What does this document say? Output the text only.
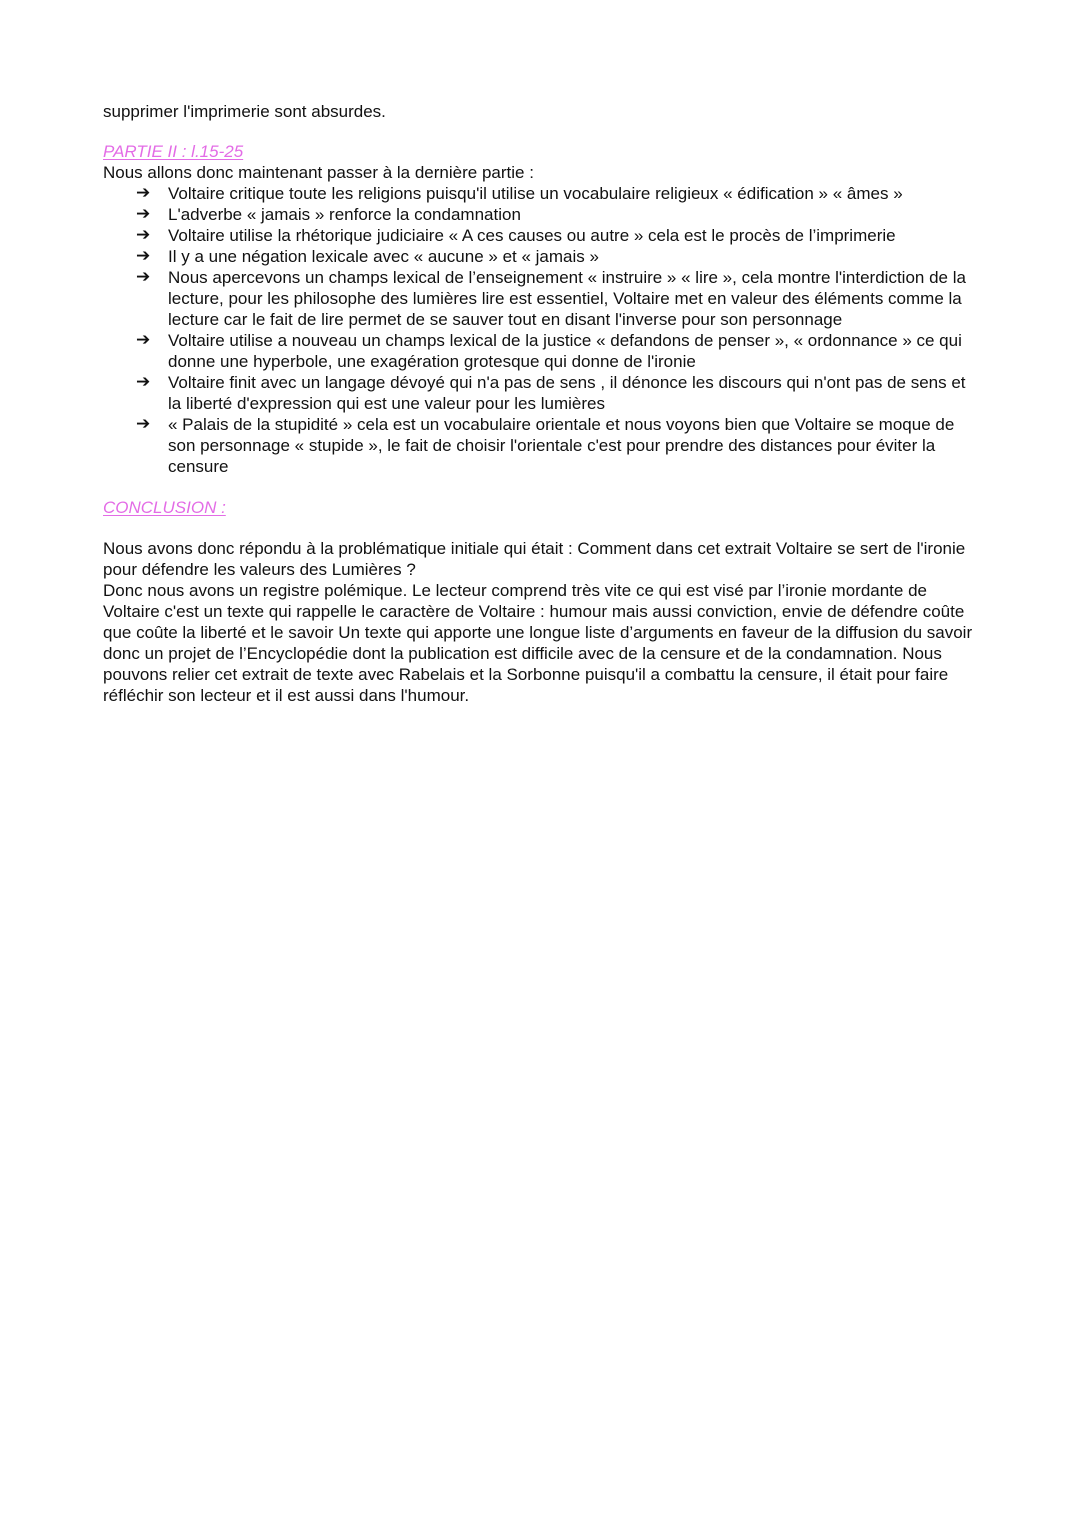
supprimer l'imprimerie sont absurdes.

PARTIE II : l.15-25

Nous allons donc maintenant passer à la dernière partie :

➔ Voltaire critique toute les religions puisqu'il utilise un vocabulaire religieux « édification » « âmes »
➔ L'adverbe « jamais » renforce la condamnation
➔ Voltaire utilise la rhétorique judiciaire « A ces causes ou autre » cela est le procès de l’imprimerie
➔ Il y a une négation lexicale avec « aucune » et « jamais »
➔ Nous apercevons un champs lexical de l’enseignement « instruire » « lire », cela montre l'interdiction de la lecture, pour les philosophe des lumières lire est essentiel, Voltaire met en valeur des éléments comme la lecture car le fait de lire permet de se sauver tout en disant l'inverse pour son personnage
➔ Voltaire utilise a nouveau un champs lexical de la justice « defandons de penser », « ordonnance » ce qui donne une hyperbole, une exagération grotesque qui donne de l'ironie
➔ Voltaire finit avec un langage dévoyé qui n'a pas de sens , il dénonce les discours qui n'ont pas de sens et la liberté d'expression qui est une valeur pour les lumières
➔ « Palais de la stupidité » cela est un vocabulaire orientale et nous voyons bien que Voltaire se moque de son personnage « stupide », le fait de choisir l'orientale c'est pour prendre des distances pour éviter la censure

CONCLUSION :

Nous avons donc répondu à la problématique initiale qui était : Comment dans cet extrait Voltaire se sert de l'ironie pour défendre les valeurs des Lumières ?

Donc nous avons un registre polémique. Le lecteur comprend très vite ce qui est visé par l’ironie mordante de Voltaire c'est un texte qui rappelle le caractère de Voltaire : humour mais aussi conviction, envie de défendre coûte que coûte la liberté et le savoir Un texte qui apporte une longue liste d’arguments en faveur de la diffusion du savoir donc un projet de l’Encyclopédie dont la publication est difficile avec de la censure et de la condamnation. Nous pouvons relier cet extrait de texte avec Rabelais et la Sorbonne puisqu'il a combattu la censure, il était pour faire réfléchir son lecteur et il est aussi dans l'humour.
